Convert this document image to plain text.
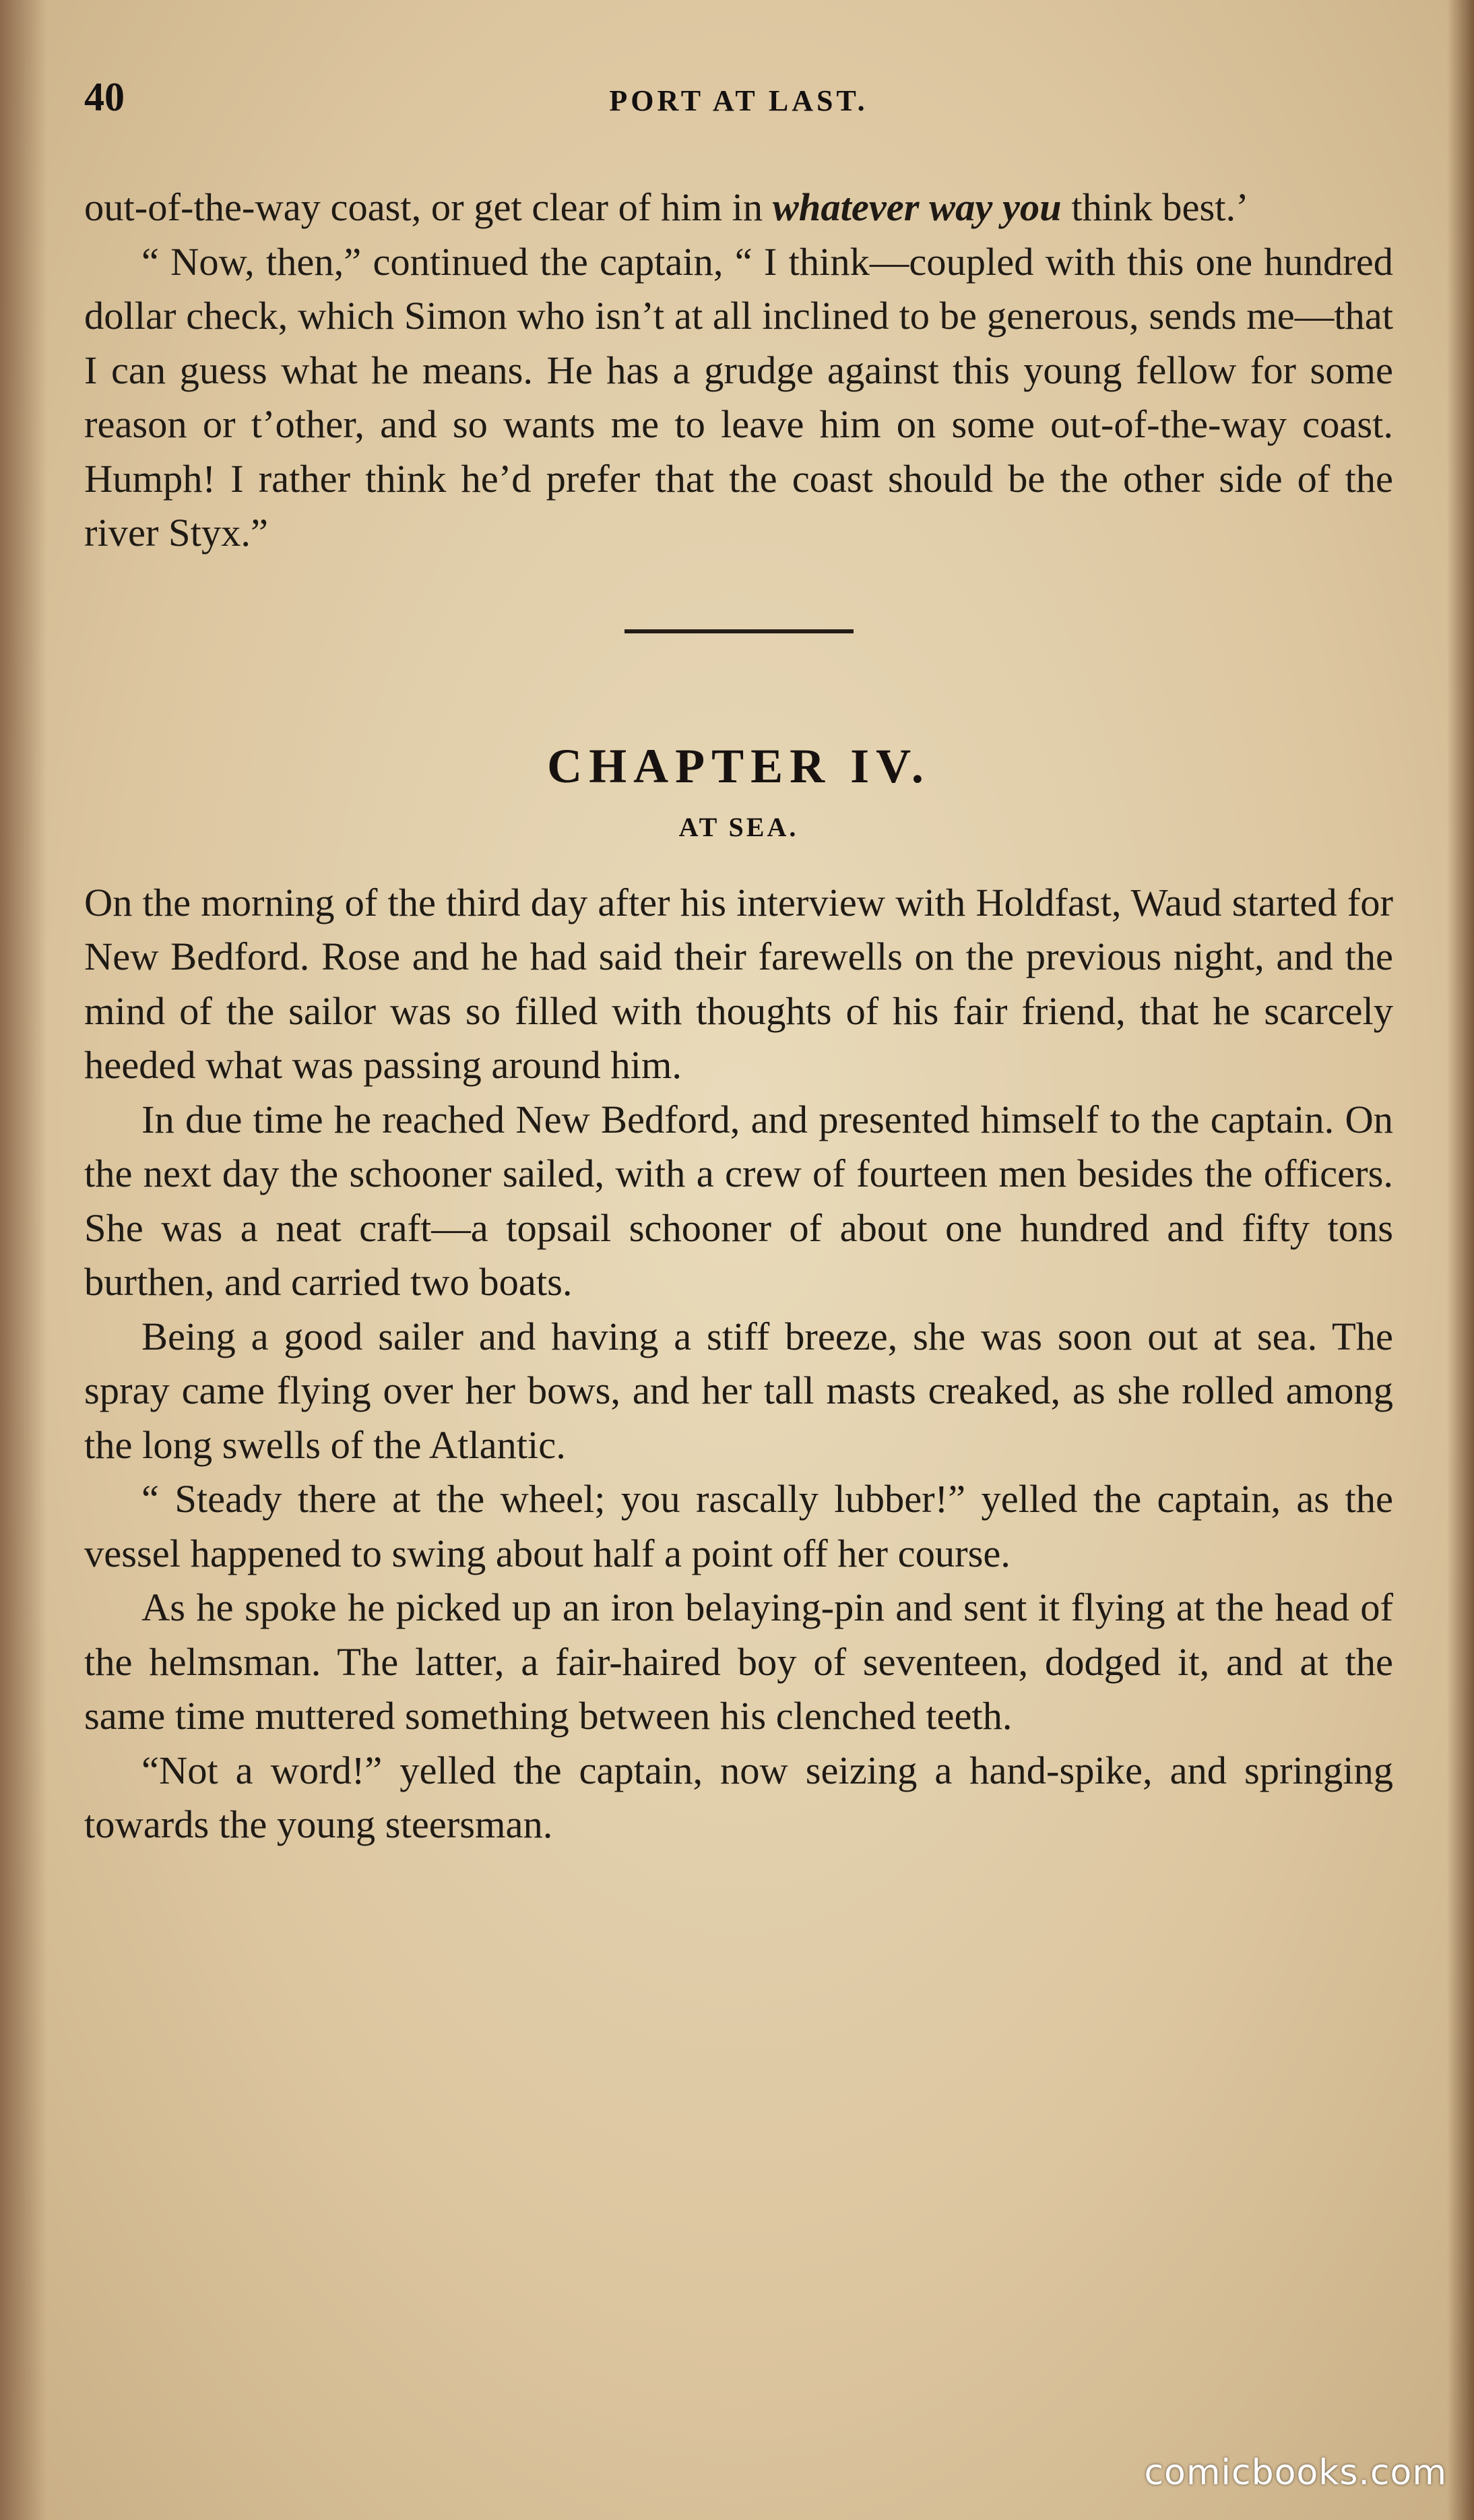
40	PORT AT LAST.

out-of-the-way coast, or get clear of him in whatever way you think best.’

“ Now, then,” continued the captain, “ I think—coupled with this one hundred dollar check, which Simon who isn’t at all inclined to be generous, sends me—that I can guess what he means. He has a grudge against this young fellow for some reason or t’other, and so wants me to leave him on some out-of-the-way coast. Humph! I rather think he’d prefer that the coast should be the other side of the river Styx.”

CHAPTER IV.
AT SEA.

On the morning of the third day after his interview with Holdfast, Waud started for New Bedford. Rose and he had said their farewells on the previous night, and the mind of the sailor was so filled with thoughts of his fair friend, that he scarcely heeded what was passing around him.

In due time he reached New Bedford, and presented himself to the captain. On the next day the schooner sailed, with a crew of fourteen men besides the officers. She was a neat craft—a topsail schooner of about one hundred and fifty tons burthen, and carried two boats.

Being a good sailer and having a stiff breeze, she was soon out at sea. The spray came flying over her bows, and her tall masts creaked, as she rolled among the long swells of the Atlantic.

“ Steady there at the wheel; you rascally lubber!” yelled the captain, as the vessel happened to swing about half a point off her course.

As he spoke he picked up an iron belaying-pin and sent it flying at the head of the helmsman. The latter, a fair-haired boy of seventeen, dodged it, and at the same time muttered something between his clenched teeth.

“Not a word!” yelled the captain, now seizing a hand-spike, and springing towards the young steersman.

comicbooks.com
